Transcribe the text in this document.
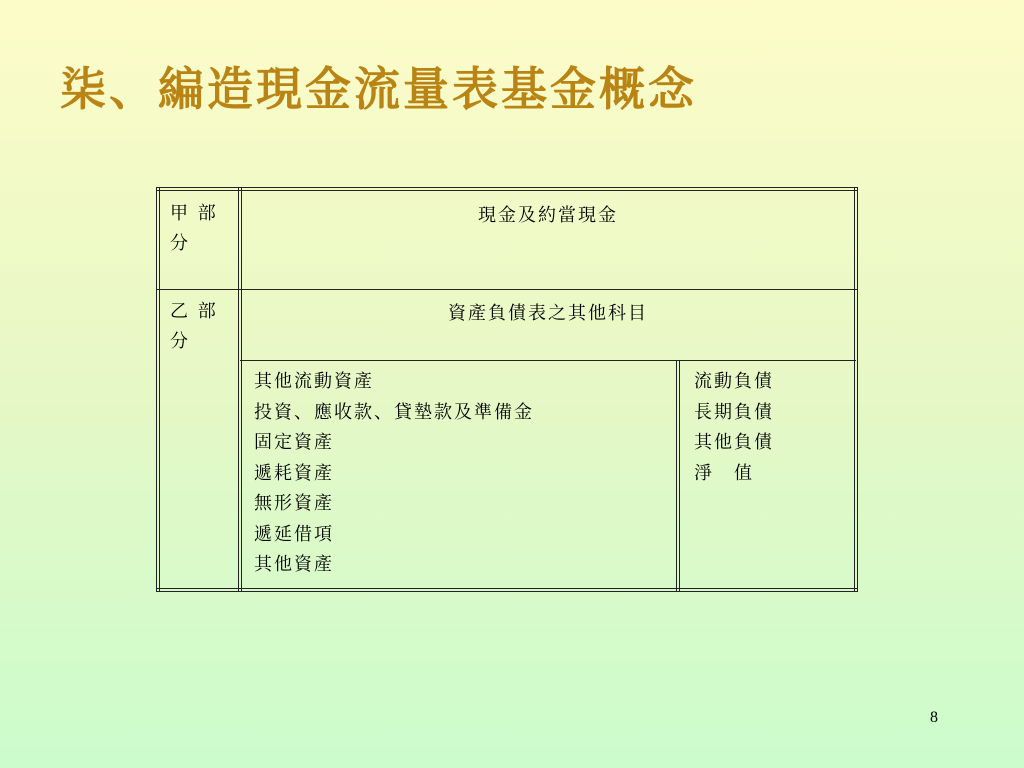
柒、編造現金流量表基金概念
甲 部
分
現金及約當現金
乙 部
分
資產負債表之其他科目
其他流動資產
投資、應收款、貸墊款及準備金
固定資產
遞耗資產
無形資產
遞延借項
其他資產
流動負債
長期負債
其他負債
淨　值
8
